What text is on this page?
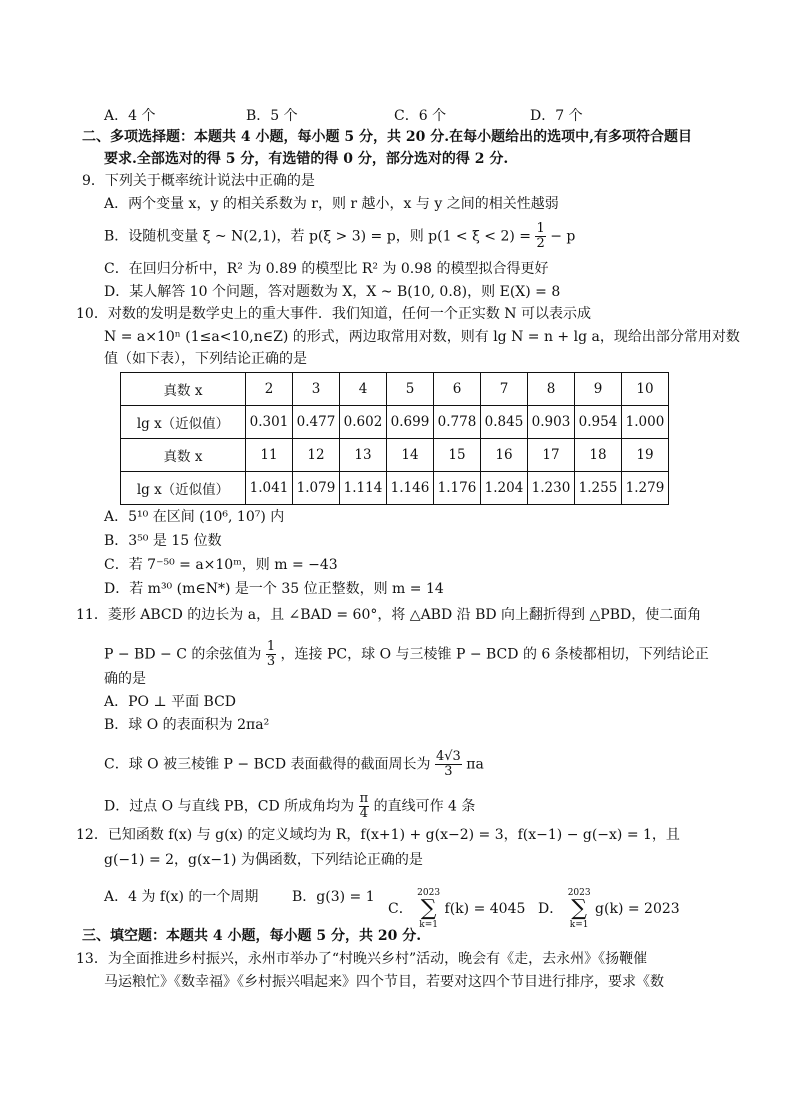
A．4 个	B．5 个	C．6 个	D．7 个
二、多项选择题：本题共 4 小题，每小题 5 分，共 20 分.在每小题给出的选项中,有多项符合题目
要求.全部选对的得 5 分，有选错的得 0 分，部分选对的得 2 分.
9．下列关于概率统计说法中正确的是
A．两个变量 x，y 的相关系数为 r，则 r 越小，x 与 y 之间的相关性越弱
B．设随机变量 ξ ~ N(2,1)，若 p(ξ > 3) = p，则 $p(1 < \xi < 2) = \frac{1}{2} - p$
C．在回归分析中，R² 为 0.89 的模型比 R² 为 0.98 的模型拟合得更好
D．某人解答 10 个问题，答对题数为 X，X ~ B(10, 0.8)，则 E(X) = 8
10．对数的发明是数学史上的重大事件．我们知道，任何一个正实数 N 可以表示成
N = a×10ⁿ (1≤a<10,n∈Z) 的形式，两边取常用对数，则有 lg N = n + lg a，现给出部分常用对数
值（如下表），下列结论正确的是
真数 x	2	3	4	5	6	7	8	9	10
lg x（近似值）	0.301	0.477	0.602	0.699	0.778	0.845	0.903	0.954	1.000
真数 x	11	12	13	14	15	16	17	18	19
lg x（近似值）	1.041	1.079	1.114	1.146	1.176	1.204	1.230	1.255	1.279
A．5¹⁰ 在区间 (10⁶, 10⁷) 内
B．3⁵⁰ 是 15 位数
C．若 7⁻⁵⁰ = a×10ᵐ，则 m = −43
D．若 m³⁰ (m∈N*) 是一个 35 位正整数，则 m = 14
11．菱形 ABCD 的边长为 a，且 ∠BAD = 60°，将 △ABD 沿 BD 向上翻折得到 △PBD，使二面角
P − BD − C 的余弦值为 $\frac{1}{3}$ ，连接 PC，球 O 与三棱锥 P − BCD 的 6 条棱都相切，下列结论正
确的是
A．PO ⊥ 平面 BCD
B．球 O 的表面积为 2πa²
C．球 O 被三棱锥 P − BCD 表面截得的截面周长为 $\frac{4√3}{3}$ πa
D．过点 O 与直线 PB，CD 所成角均为 $\frac{\pi}{4}$ 的直线可作 4 条
12．已知函数 f(x) 与 g(x) 的定义域均为 R，f(x+1) + g(x−2) = 3，f(x−1) − g(−x) = 1，且
g(−1) = 2，g(x−1) 为偶函数，下列结论正确的是
A．4 为 f(x) 的一个周期 B．g(3) = 1
C．
2023
∑
k=1
f(k) = 4045 D．
2023
∑
k=1
g(k) = 2023
三、填空题：本题共 4 小题，每小题 5 分，共 20 分.
13．为全面推进乡村振兴，永州市举办了“村晚兴乡村”活动，晚会有《走，去永州》《扬鞭催
马运粮忙》《数幸福》《乡村振兴唱起来》四个节目，若要对这四个节目进行排序，要求《数
